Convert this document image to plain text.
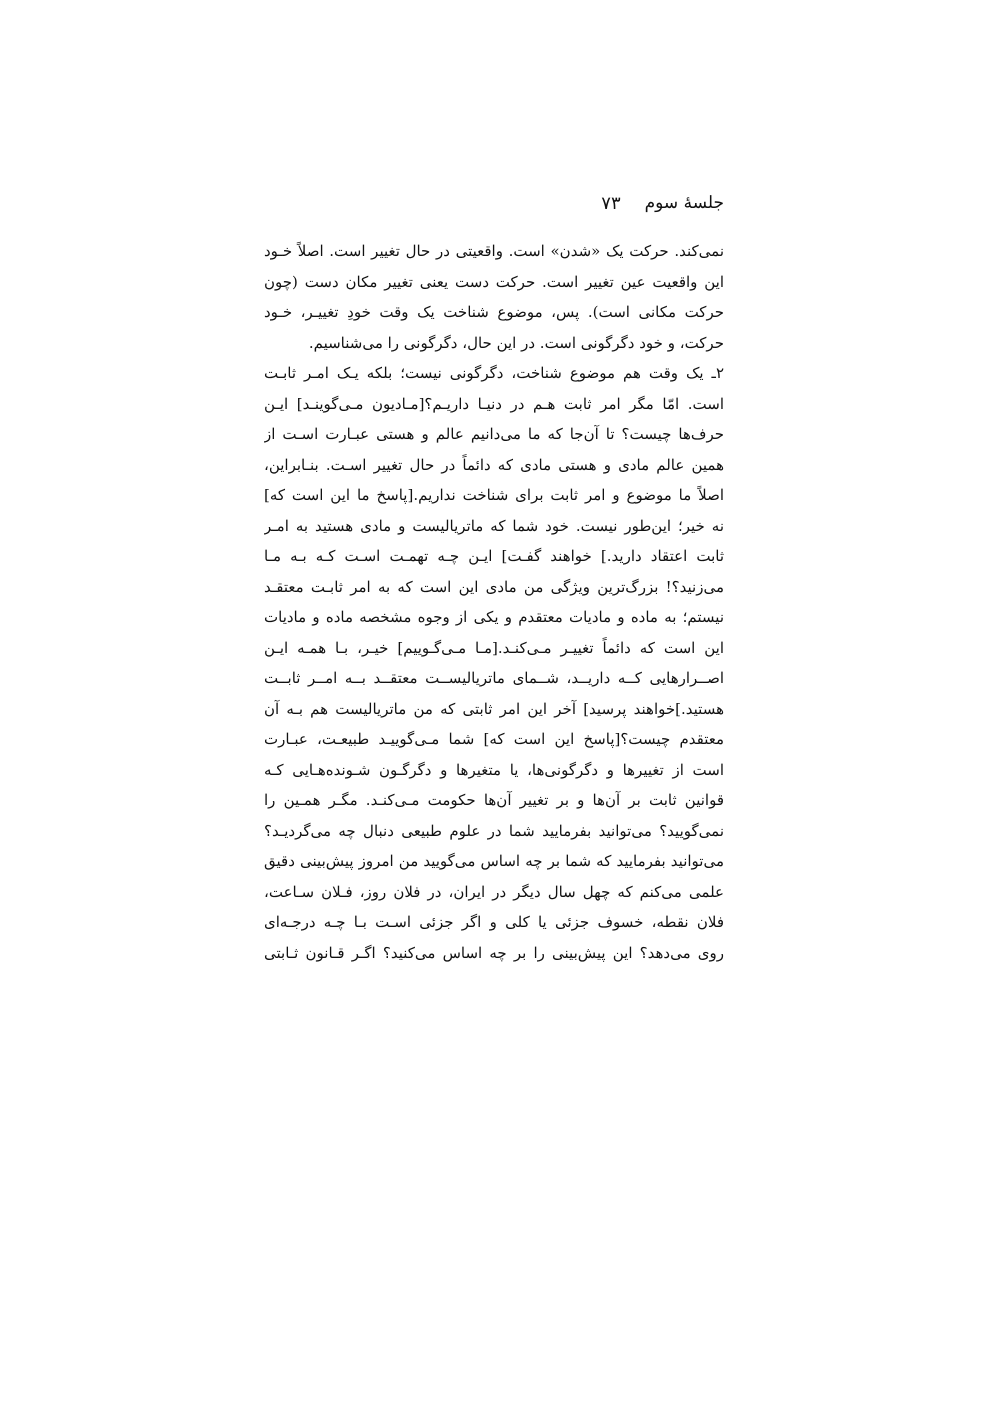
جلسهٔ سوم
۷۳
نمی‌کند. حرکت یک «شدن» است. واقعیتی در حال تغییر است. اصلاً خـود
این واقعیت عین تغییر است. حرکت دست یعنی تغییر مکان دست (چون
حرکت مکانی است). پس، موضوع شناخت یک وقت خودِ تغییـر، خـود
حرکت، و خود دگرگونی است. در این حال، دگرگونی را می‌شناسیم.
۲ـ یک وقت هم موضوع شناخت، دگرگونی نیست؛ بلکه یـک امـر ثابـت
است. امّا مگر امر ثابت هـم در دنیـا داریـم؟[مـادیون مـی‌گوینـد] ایـن
حرف‌ها چیست؟ تا آن‌جا که ما می‌دانیم عالم و هستی عبـارت اسـت از
همین عالم مادی و هستی مادی که دائماً در حال تغییر اسـت. بنـابراین،
اصلاً ما موضوع و امر ثابت برای شناخت نداریم.[پاسخ ما این است که]
نه خیر؛ این‌طور نیست. خود شما که ماتریالیست و مادی هستید به امـر
ثابت اعتقاد دارید.] خواهند گفـت] ایـن چـه تهمـت اسـت کـه بـه مـا
می‌زنید؟! بزرگ‌ترین ویژگی من مادی این است که به امر ثابـت معتقـد
نیستم؛ به ماده و مادیات معتقدم و یکی از وجوه مشخصه ماده و مادیات
این است که دائماً تغییـر مـی‌کنـد.[مـا مـی‌گـوییم] خیـر، بـا همـه ایـن
اصــرارهایی کــه داریــد، شــمای ماتریالیســت معتقــد بــه امــر ثابــت
هستید.]خواهند پرسید] آخر این امر ثابتی که من ماتریالیست هم بـه آن
معتقدم چیست؟[پاسخ این است که] شما مـی‌گوییـد طبیعـت، عبـارت
است از تغییرها و دگرگونی‌ها، یا متغیرها و دگرگـون شـونده‌هـایی کـه
قوانین ثابت بر آن‌ها و بر تغییر آن‌ها حکومت مـی‌کنـد. مگـر همـین را
نمی‌گویید؟ می‌توانید بفرمایید شما در علوم طبیعی دنبال چه می‌گردیـد؟
می‌توانید بفرمایید که شما بر چه اساس می‌گویید من امروز پیش‌بینی دقیق
علمی می‌کنم که چهل سال دیگر در ایران، در فلان روز، فـلان سـاعت،
فلان نقطه، خسوف جزئی یا کلی و اگر جزئی اسـت بـا چـه درجـه‌ای
روی می‌دهد؟ این پیش‌بینی را بر چه اساس می‌کنید؟ اگـر قـانون ثـابتی
